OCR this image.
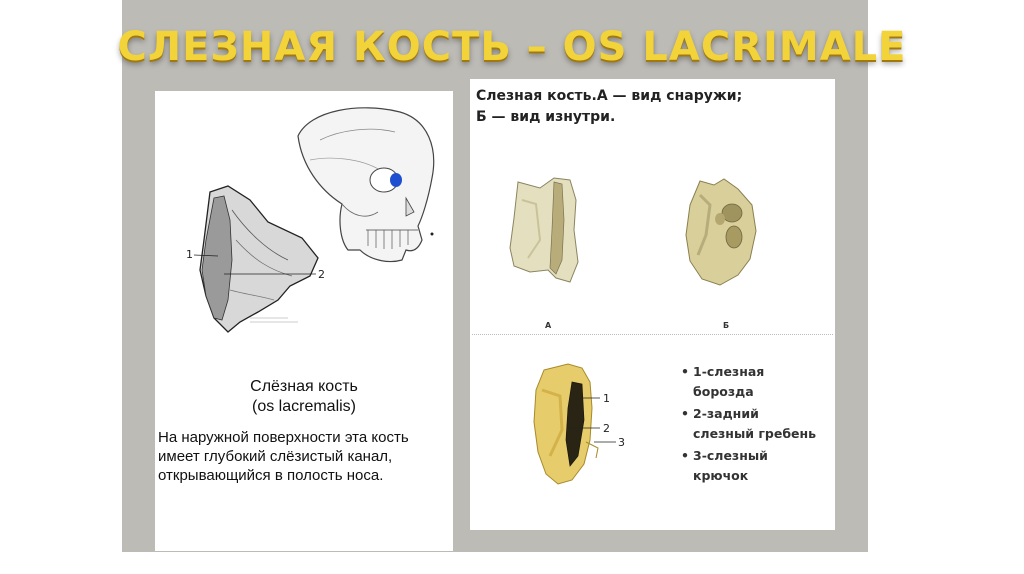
СЛЕЗНАЯ КОСТЬ – OS LACRIMALE
1
2
Слёзная кость
(os lacremalis)
На наружной поверхности эта кость
имеет глубокий слёзистый канал,
открывающийся в полость носа.
Слезная кость.А — вид снаружи;
Б — вид изнутри.
А	Б
1
2
3
• 1-слезная
борозда
• 2-задний
слезный гребень
• 3-слезный
крючок
